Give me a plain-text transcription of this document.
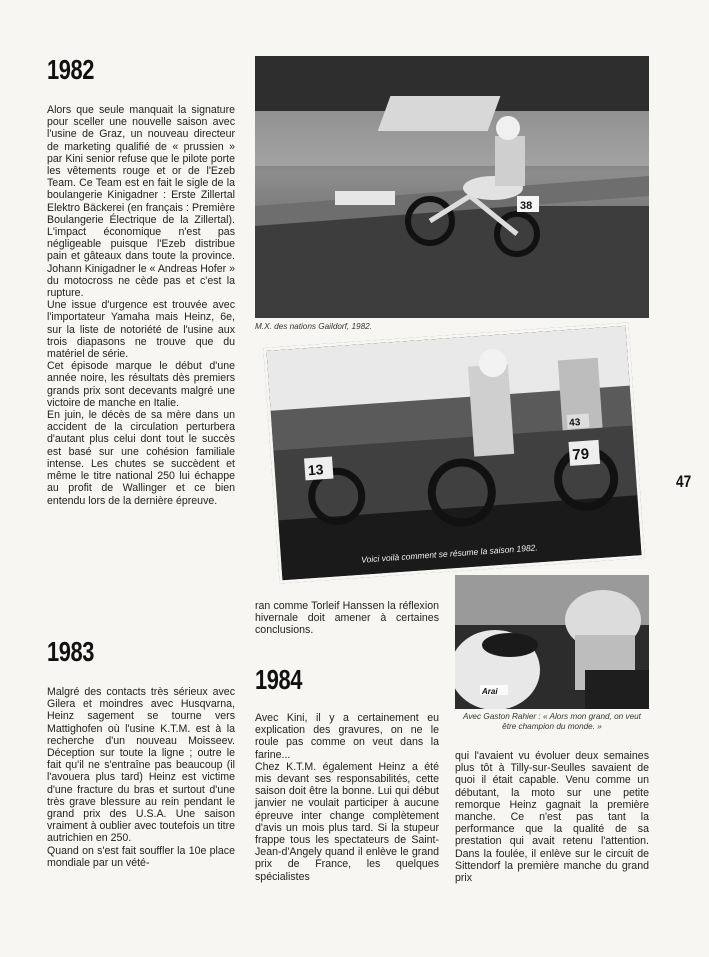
1982

Alors que seule manquait la signature pour sceller une nouvelle saison avec l'usine de Graz, un nouveau directeur de marketing qualifié de « prussien » par Kini senior refuse que le pilote porte les vêtements rouge et or de l'Ezeb Team. Ce Team est en fait le sigle de la boulangerie Kinigadner : Erste Zillertal Elektro Bäckerei (en français : Première Boulangerie Électrique de la Zillertal). L'impact économique n'est pas négligeable puisque l'Ezeb distribue pain et gâteaux dans toute la province. Johann Kinigadner le « Andreas Hofer » du motocross ne cède pas et c'est la rupture.

Une issue d'urgence est trouvée avec l'importateur Yamaha mais Heinz, 6e, sur la liste de notoriété de l'usine aux trois diapasons ne trouve que du matériel de série.

Cet épisode marque le début d'une année noire, les résultats dès premiers grands prix sont decevants malgré une victoire de manche en Italie.

En juin, le décès de sa mère dans un accident de la circulation perturbera d'autant plus celui dont tout le succès est basé sur une cohésion familiale intense. Les chutes se succèdent et même le titre national 250 lui échappe au profit de Wallinger et ce bien entendu lors de la dernière épreuve.

1983

Malgré des contacts très sérieux avec Gilera et moindres avec Husqvarna, Heinz sagement se tourne vers Mattighofen où l'usine K.T.M. est à la recherche d'un nouveau Moisseev. Déception sur toute la ligne ; outre le fait qu'il ne s'entraîne pas beaucoup (il l'avouera plus tard) Heinz est victime d'une fracture du bras et surtout d'une très grave blessure au rein pendant le grand prix des U.S.A. Une saison vraiment à oublier avec toutefois un titre autrichien en 250.

Quand on s'est fait souffler la 10e place mondiale par un vété-

38
M.X. des nations Gaildorf, 1982.
13
79
43
Voici voilà comment se résume la saison 1982.
ran comme Torleif Hanssen la réflexion hivernale doit amener à certaines conclusions.
1984

Avec Kini, il y a certainement eu explication des gravures, on ne le roule pas comme on veut dans la farine...

Chez K.T.M. également Heinz a été mis devant ses responsabilités, cette saison doit être la bonne. Lui qui début janvier ne voulait participer à aucune épreuve inter change complètement d'avis un mois plus tard. Si la stupeur frappe tous les spectateurs de Saint-Jean-d'Angely quand il enlève le grand prix de France, les quelques spécialistes

Arai
Avec Gaston Rahier : « Alors mon grand, on veut être champion du monde. »
qui l'avaient vu évoluer deux semaines plus tôt à Tilly-sur-Seulles savaient de quoi il était capable. Venu comme un débutant, la moto sur une petite remorque Heinz gagnait la première manche. Ce n'est pas tant la performance que la qualité de sa prestation qui avait retenu l'attention. Dans la foulée, il enlève sur le circuit de Sittendorf la première manche du grand prix
47
